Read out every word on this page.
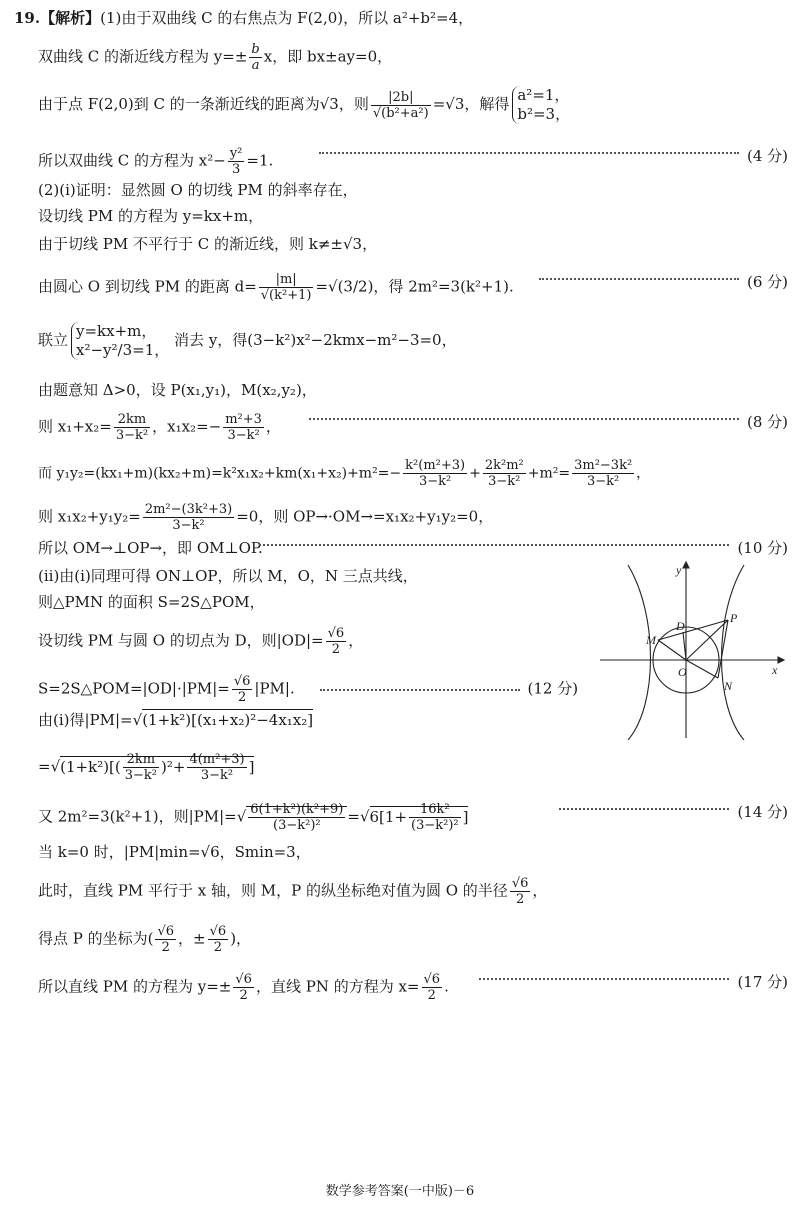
19.【解析】(1)由于双曲线 C 的右焦点为 F(2,0)，所以 a²+b²=4，
双曲线 C 的渐近线方程为 $y=\pm \frac{b}{a}$ x，即 bx±ay=0，
由于点 F(2,0)到 C 的一条渐近线的距离为√3，则 $\frac{|2b|}{\text{√(b²+a²)}} =√3$，解得 a²=1，
b²=3，
所以双曲线 C 的方程为 $x^2- \frac{\text{y²}}{3} =1$.	(4 分)
(2)(ⅰ)证明：显然圆 O 的切线 PM 的斜率存在，
设切线 PM 的方程为 y=kx+m，
由于切线 PM 不平行于 C 的渐近线，则 k≠±√3，
由圆心 O 到切线 PM 的距离 $d= \frac{|m|}{\text{√(k²+1)}} =√(3/2)$，得 2m²=3(k²+1).	(6 分)
联立 y=kx+m，
x²−y²/3=1，
消去 y，得(3−k²)x²−2kmx−m²−3=0，
由题意知 Δ>0，设 P(x₁,y₁)，M(x₂,y₂)，
则 $x_1+x_2= \frac{2km}{\text{3−k²}}$ ，$x_1x_2=- \frac{\text{m²+3}}{\text{3−k²}}$ ，	(8 分)
而 $y_1y_2=(kx_1+m)(kx_2+m)=k^2x_1x_2+km(x_1+x_2)+m^2=- \frac{\text{k²(m²+3)}}{\text{3−k²}} + \frac{\text{2k²m²}}{\text{3−k²}} +m^2= \frac{\text{3m²−3k²}}{\text{3−k²}}$ ，
则 $x_1x_2+y_1y_2= \frac{\text{2m²−(3k²+3)}}{\text{3−k²}} =0$，则 OP→·OM→=x₁x₂+y₁y₂=0，
所以 OM→⊥OP→，即 OM⊥OP.	(10 分)
(ⅱ)由(ⅰ)同理可得 ON⊥OP，所以 M，O，N 三点共线，
则△PMN 的面积 S=2S△POM，
设切线 PM 与圆 O 的切点为 D，则$|OD|= \frac{√6}{2}$ ，
S=2S△POM=|OD|·|PM|= $\frac{√6}{2} |PM|$.	(12 分)
由(ⅰ)得|PM|=√(1+k²)[(x₁+x₂)²−4x₁x₂]
$=√(1+k^2)[( \frac{2km}{\text{3−k²}} )^2+ \frac{\text{4(m²+3)}}{\text{3−k²}}$ ]
又 2m²=3(k²+1)，则$|PM|=√ \frac{\text{6(1+k²)(k²+9)}}{\text{(3−k²)²}} =√6[1+ \frac{\text{16k²}}{\text{(3−k²)²}}$ ]	(14 分)
当 k=0 时，|PM|min=√6，Smin=3，
此时，直线 PM 平行于 x 轴，则 M，P 的纵坐标绝对值为圆 O 的半径 $\frac{√6}{2}$ ，
得点 P 的坐标为( $\frac{√6}{2}$ ，± $\frac{√6}{2}$ )，
所以直线 PM 的方程为 $y=\pm \frac{√6}{2}$ ，直线 PN 的方程为 $x= \frac{√6}{2}$ .	(17 分)
y
x
P
D
M
O
N
数学参考答案(一中版)－6
